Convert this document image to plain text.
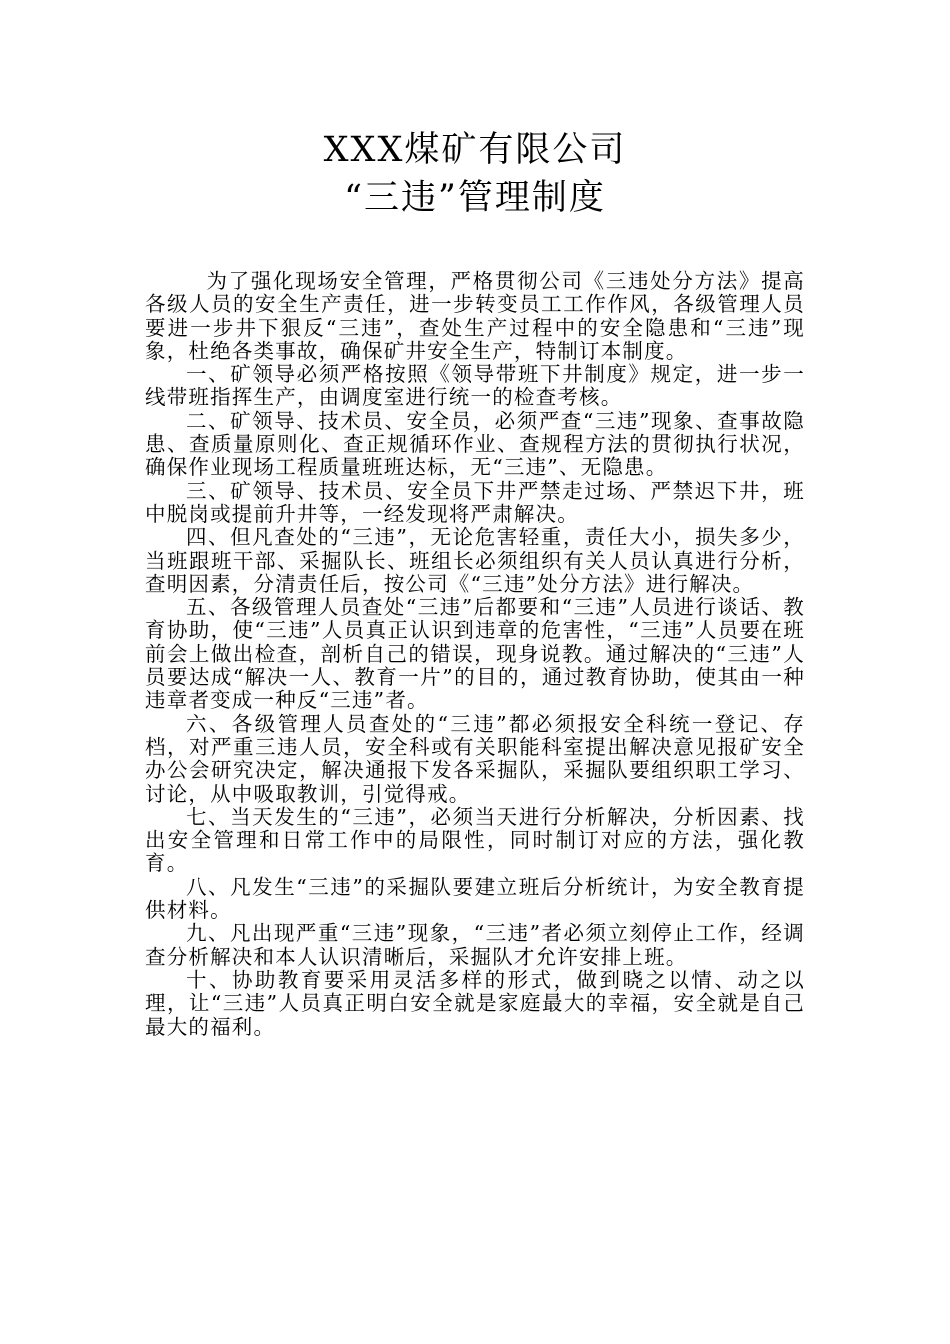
XXX煤矿有限公司
“三违”管理制度

为了强化现场安全管理，严格贯彻公司《三违处分方法》提高各级人员的安全生产责任，进一步转变员工工作作风，各级管理人员要进一步井下狠反“三违”，查处生产过程中的安全隐患和“三违”现象，杜绝各类事故，确保矿井安全生产，特制订本制度。

一、矿领导必须严格按照《领导带班下井制度》规定，进一步一线带班指挥生产，由调度室进行统一的检查考核。

二、矿领导、技术员、安全员，必须严查“三违”现象、查事故隐患、查质量原则化、查正规循环作业、查规程方法的贯彻执行状况，确保作业现场工程质量班班达标，无“三违”、无隐患。

三、矿领导、技术员、安全员下井严禁走过场、严禁迟下井，班中脱岗或提前升井等，一经发现将严肃解决。

四、但凡查处的“三违”，无论危害轻重，责任大小，损失多少，当班跟班干部、采掘队长、班组长必须组织有关人员认真进行分析，查明因素，分清责任后，按公司《“三违”处分方法》进行解决。

五、各级管理人员查处“三违”后都要和“三违”人员进行谈话、教育协助，使“三违”人员真正认识到违章的危害性，“三违”人员要在班前会上做出检查，剖析自己的错误，现身说教。通过解决的“三违”人员要达成“解决一人、教育一片”的目的，通过教育协助，使其由一种违章者变成一种反“三违”者。

六、各级管理人员查处的“三违”都必须报安全科统一登记、存档，对严重三违人员，安全科或有关职能科室提出解决意见报矿安全办公会研究决定，解决通报下发各采掘队，采掘队要组织职工学习、讨论，从中吸取教训，引觉得戒。

七、当天发生的“三违”，必须当天进行分析解决，分析因素、找出安全管理和日常工作中的局限性，同时制订对应的方法，强化教育。

八、凡发生“三违”的采掘队要建立班后分析统计，为安全教育提供材料。

九、凡出现严重“三违”现象，“三违”者必须立刻停止工作，经调查分析解决和本人认识清晰后，采掘队才允许安排上班。

十、协助教育要采用灵活多样的形式，做到晓之以情、动之以理，让“三违”人员真正明白安全就是家庭最大的幸福，安全就是自己最大的福利。
